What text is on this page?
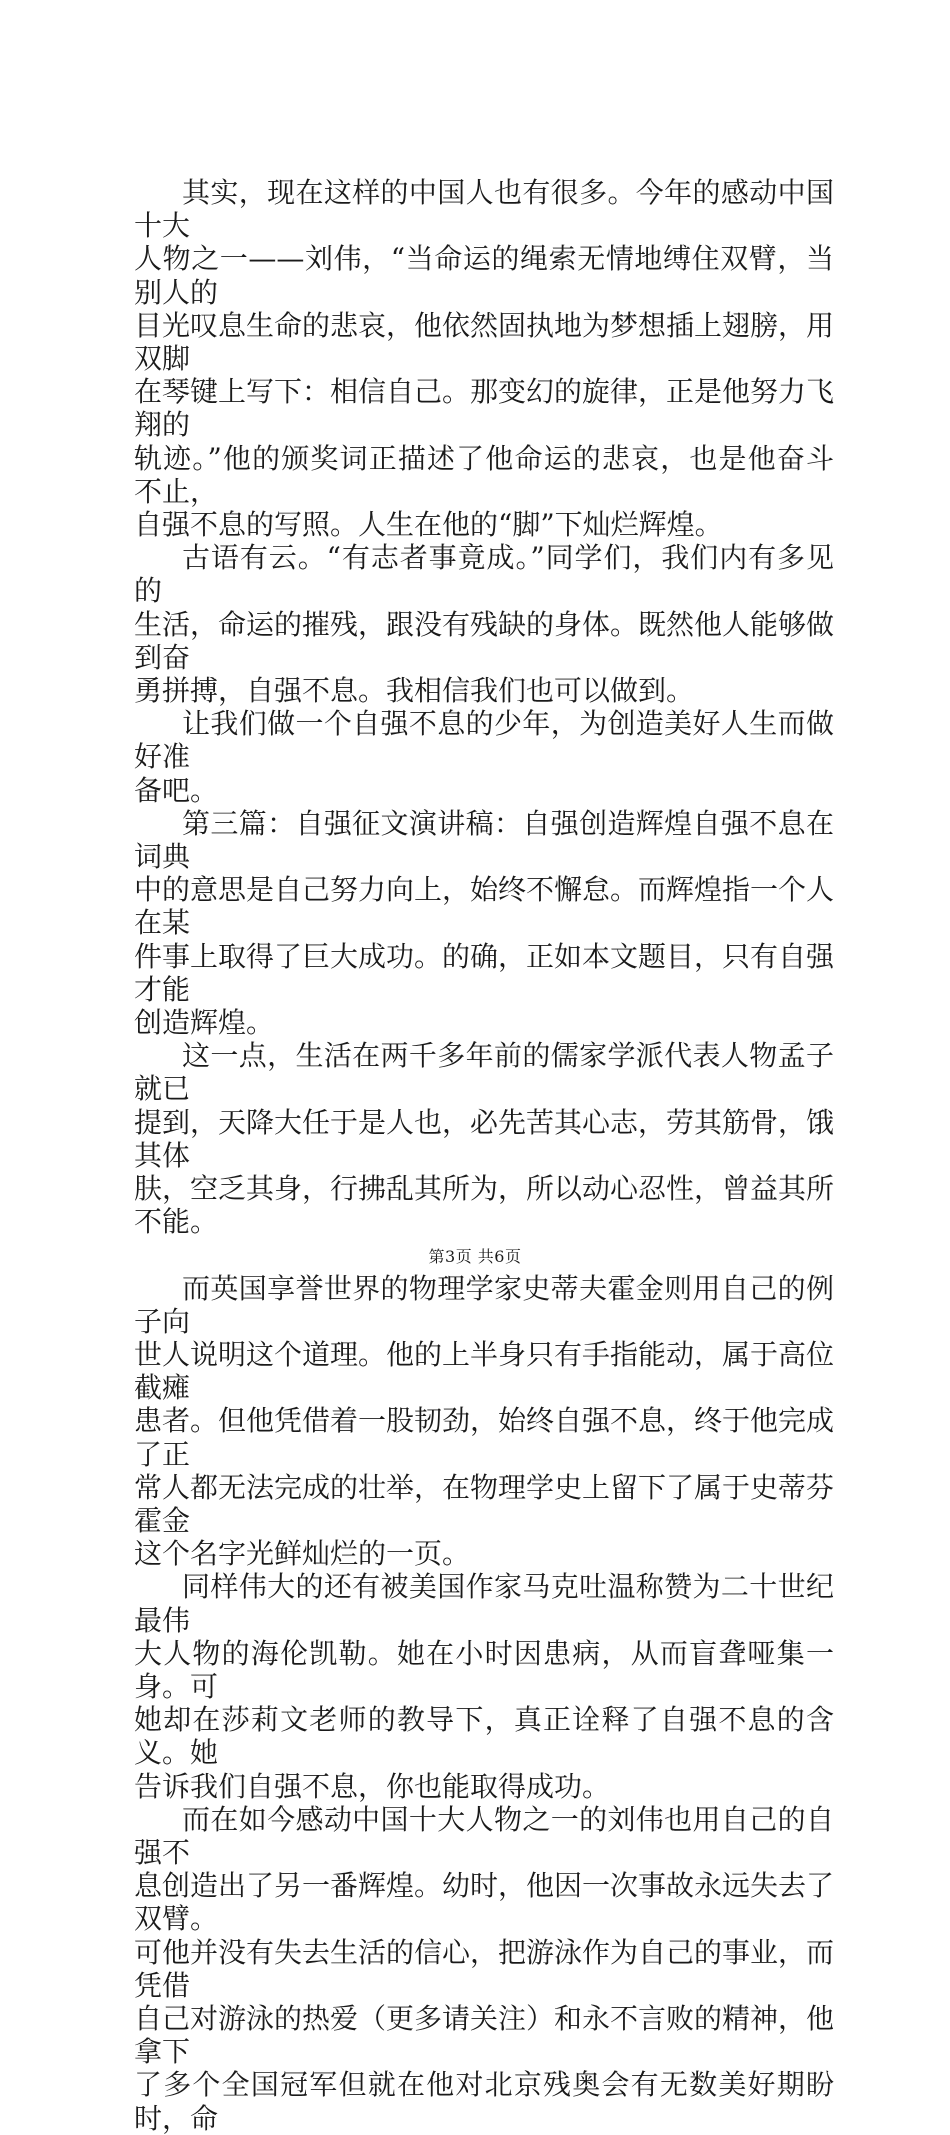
其实，现在这样的中国人也有很多。今年的感动中国十大
人物之一——刘伟，“当命运的绳索无情地缚住双臂，当别人的
目光叹息生命的悲哀，他依然固执地为梦想插上翅膀，用双脚
在琴键上写下：相信自己。那变幻的旋律，正是他努力飞翔的
轨迹。”他的颁奖词正描述了他命运的悲哀，也是他奋斗不止，
自强不息的写照。人生在他的“脚”下灿烂辉煌。

古语有云。“有志者事竟成。”同学们，我们内有多见的
生活，命运的摧残，跟没有残缺的身体。既然他人能够做到奋
勇拼搏，自强不息。我相信我们也可以做到。

让我们做一个自强不息的少年，为创造美好人生而做好准
备吧。

第三篇：自强征文演讲稿：自强创造辉煌自强不息在词典
中的意思是自己努力向上，始终不懈怠。而辉煌指一个人在某
件事上取得了巨大成功。的确，正如本文题目，只有自强才能
创造辉煌。

这一点，生活在两千多年前的儒家学派代表人物孟子就已
提到，天降大任于是人也，必先苦其心志，劳其筋骨，饿其体
肤，空乏其身，行拂乱其所为，所以动心忍性，曾益其所不能。

而英国享誉世界的物理学家史蒂夫霍金则用自己的例子向
世人说明这个道理。他的上半身只有手指能动，属于高位截瘫
患者。但他凭借着一股韧劲，始终自强不息，终于他完成了正
常人都无法完成的壮举，在物理学史上留下了属于史蒂芬霍金
这个名字光鲜灿烂的一页。

同样伟大的还有被美国作家马克吐温称赞为二十世纪最伟
大人物的海伦凯勒。她在小时因患病，从而盲聋哑集一身。可
她却在莎莉文老师的教导下，真正诠释了自强不息的含义。她
告诉我们自强不息，你也能取得成功。

而在如今感动中国十大人物之一的刘伟也用自己的自强不
息创造出了另一番辉煌。幼时，他因一次事故永远失去了双臂。
可他并没有失去生活的信心，把游泳作为自己的事业，而凭借
自己对游泳的热爱（更多请关注）和永不言败的精神，他拿下
了多个全国冠军但就在他对北京残奥会有无数美好期盼时，命

第3页 共6页
